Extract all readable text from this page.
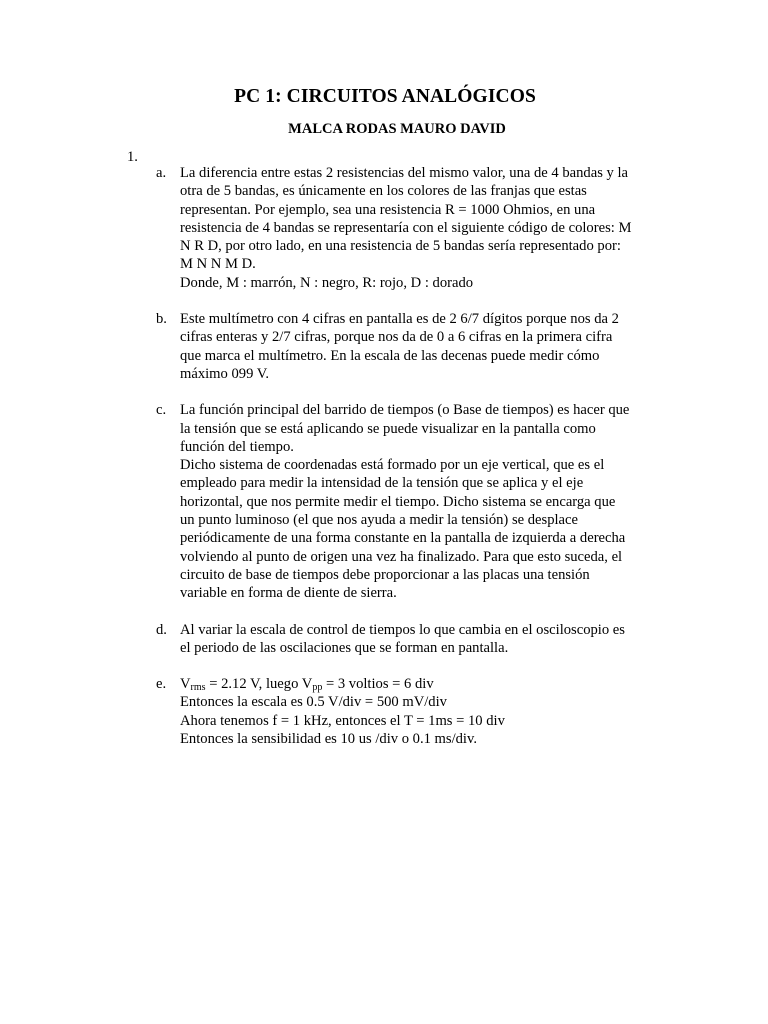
PC 1: CIRCUITOS ANALÓGICOS
MALCA RODAS MAURO DAVID
1.
a. La diferencia entre estas 2 resistencias del mismo valor, una de 4 bandas y la
otra de 5 bandas, es únicamente en los colores de las franjas que estas
representan. Por ejemplo, sea una resistencia R = 1000 Ohmios, en una
resistencia de 4 bandas se representaría con el siguiente código de colores: M
N R D, por otro lado, en una resistencia de 5 bandas sería representado por:
M N N M D.
Donde, M : marrón, N : negro, R: rojo, D : dorado
b. Este multímetro con 4 cifras en pantalla es de 2 6/7 dígitos porque nos da 2
cifras enteras y 2/7 cifras, porque nos da de 0 a 6 cifras en la primera cifra
que marca el multímetro. En la escala de las decenas puede medir cómo
máximo 099 V.
c. La función principal del barrido de tiempos (o Base de tiempos) es hacer que
la tensión que se está aplicando se puede visualizar en la pantalla como
función del tiempo.
Dicho sistema de coordenadas está formado por un eje vertical, que es el
empleado para medir la intensidad de la tensión que se aplica y el eje
horizontal, que nos permite medir el tiempo. Dicho sistema se encarga que
un punto luminoso (el que nos ayuda a medir la tensión) se desplace
periódicamente de una forma constante en la pantalla de izquierda a derecha
volviendo al punto de origen una vez ha finalizado. Para que esto suceda, el
circuito de base de tiempos debe proporcionar a las placas una tensión
variable en forma de diente de sierra.
d. Al variar la escala de control de tiempos lo que cambia en el osciloscopio es
el periodo de las oscilaciones que se forman en pantalla.
e. $V_{rms} = 2.12$ V, luego $V_{pp} = 3$ voltios = 6 div
Entonces la escala es 0.5 V/div = 500 mV/div
Ahora tenemos f = 1 kHz, entonces el T = 1ms = 10 div
Entonces la sensibilidad es 10 us /div o 0.1 ms/div.
